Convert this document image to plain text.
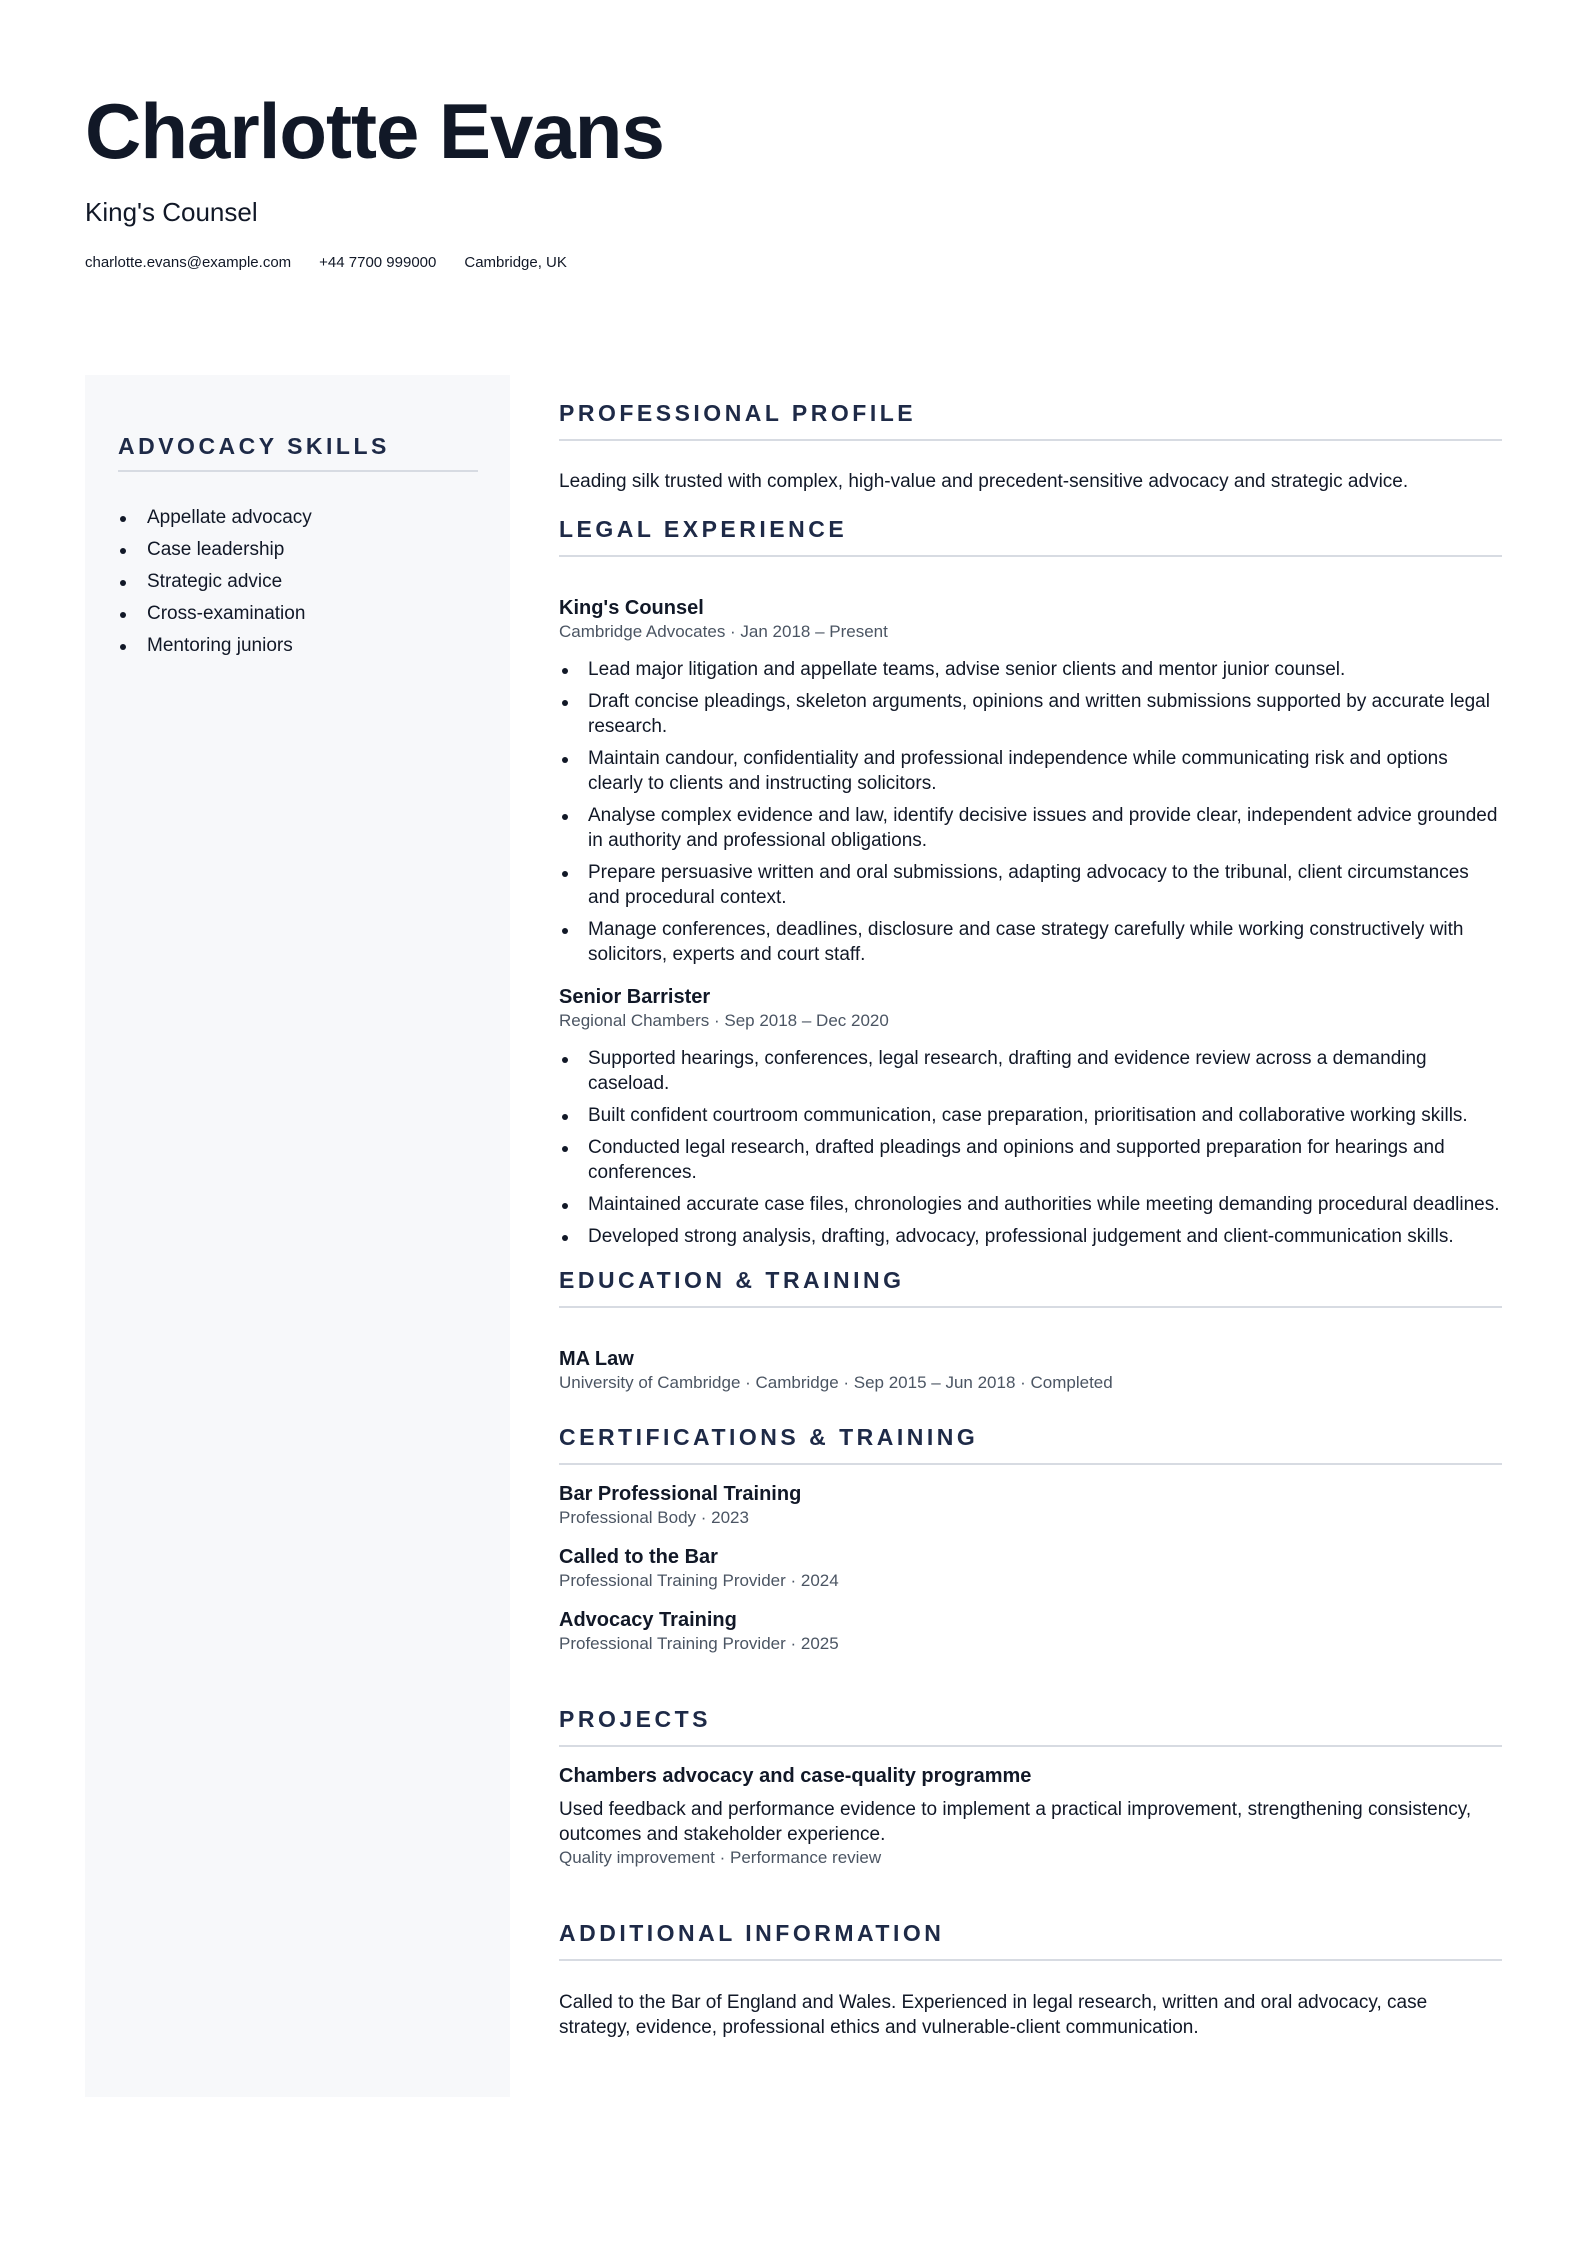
Charlotte Evans
King's Counsel
charlotte.evans@example.com +44 7700 999000 Cambridge, UK
ADVOCACY SKILLS
Appellate advocacy
Case leadership
Strategic advice
Cross-examination
Mentoring juniors
PROFESSIONAL PROFILE

Leading silk trusted with complex, high-value and precedent-sensitive advocacy and strategic advice.

LEGAL EXPERIENCE
King's Counsel
Cambridge Advocates · Jan 2018 – Present
Lead major litigation and appellate teams, advise senior clients and mentor junior counsel.
Draft concise pleadings, skeleton arguments, opinions and written submissions supported by accurate legal research.
Maintain candour, confidentiality and professional independence while communicating risk and options clearly to clients and instructing solicitors.
Analyse complex evidence and law, identify decisive issues and provide clear, independent advice grounded in authority and professional obligations.
Prepare persuasive written and oral submissions, adapting advocacy to the tribunal, client circumstances and procedural context.
Manage conferences, deadlines, disclosure and case strategy carefully while working constructively with solicitors, experts and court staff.
Senior Barrister
Regional Chambers · Sep 2018 – Dec 2020
Supported hearings, conferences, legal research, drafting and evidence review across a demanding caseload.
Built confident courtroom communication, case preparation, prioritisation and collaborative working skills.
Conducted legal research, drafted pleadings and opinions and supported preparation for hearings and conferences.
Maintained accurate case files, chronologies and authorities while meeting demanding procedural deadlines.
Developed strong analysis, drafting, advocacy, professional judgement and client-communication skills.
EDUCATION & TRAINING
MA Law
University of Cambridge · Cambridge · Sep 2015 – Jun 2018 · Completed
CERTIFICATIONS & TRAINING
Bar Professional Training
Professional Body · 2023
Called to the Bar
Professional Training Provider · 2024
Advocacy Training
Professional Training Provider · 2025
PROJECTS
Chambers advocacy and case-quality programme

Used feedback and performance evidence to implement a practical improvement, strengthening consistency, outcomes and stakeholder experience.

Quality improvement · Performance review
ADDITIONAL INFORMATION

Called to the Bar of England and Wales. Experienced in legal research, written and oral advocacy, case strategy, evidence, professional ethics and vulnerable-client communication.
